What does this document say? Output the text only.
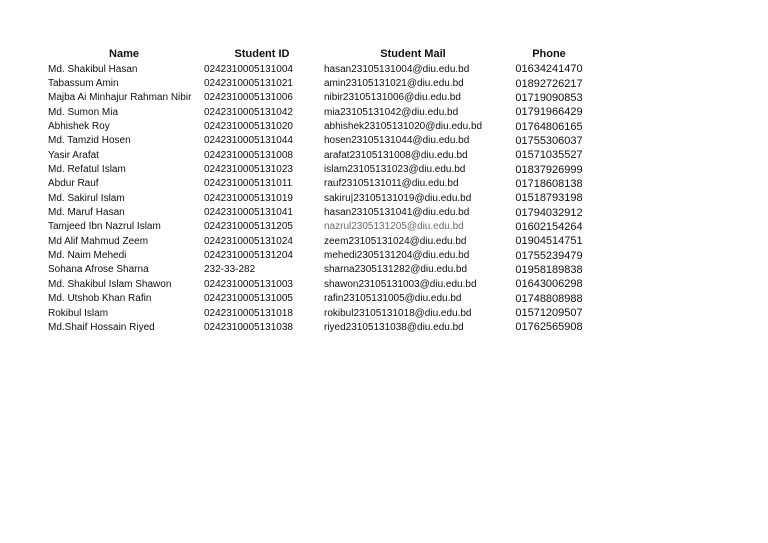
Name	Student ID	Student Mail	Phone
Md. Shakibul Hasan	0242310005131004	hasan23105131004@diu.edu.bd	01634241470
Tabassum Amin	0242310005131021	amin23105131021@diu.edu.bd	01892726217
Majba Ai Minhajur Rahman Nibir	0242310005131006	nibir23105131006@diu.edu.bd	01719090853
Md. Sumon Mia	0242310005131042	mia23105131042@diu.edu.bd	01791966429
Abhishek Roy	0242310005131020	abhishek23105131020@diu.edu.bd	01764806165
Md. Tamzid Hosen	0242310005131044	hosen23105131044@diu.edu.bd	01755306037
Yasir Arafat	0242310005131008	arafat23105131008@diu.edu.bd	01571035527
Md. Refatul Islam	0242310005131023	islam23105131023@diu.edu.bd	01837926999
Abdur Rauf	0242310005131011	rauf23105131011@diu.edu.bd	01718608138
Md. Sakirul Islam	0242310005131019	sakiru|23105131019@diu.edu.bd	01518793198
Md. Maruf Hasan	0242310005131041	hasan23105131041@diu.edu.bd	01794032912
Tamjeed Ibn Nazrul Islam	0242310005131205	nazrul2305131205@diu.edu.bd	01602154264
Md Alif Mahmud Zeem	0242310005131024	zeem23105131024@diu.edu.bd	01904514751
Md. Naim Mehedi	0242310005131204	mehedi2305131204@diu.edu.bd	01755239479
Sohana Afrose Sharna	232-33-282	sharna2305131282@diu.edu.bd	01958189838
Md. Shakibul Islam Shawon	0242310005131003	shawon23105131003@diu.edu.bd	01643006298
Md. Utshob Khan Rafin	0242310005131005	rafin23105131005@diu.edu.bd	01748808988
Rokibul Islam	0242310005131018	rokibul23105131018@diu.edu.bd	01571209507
Md.Shaif Hossain Riyed	0242310005131038	riyed23105131038@diu.edu.bd	01762565908
